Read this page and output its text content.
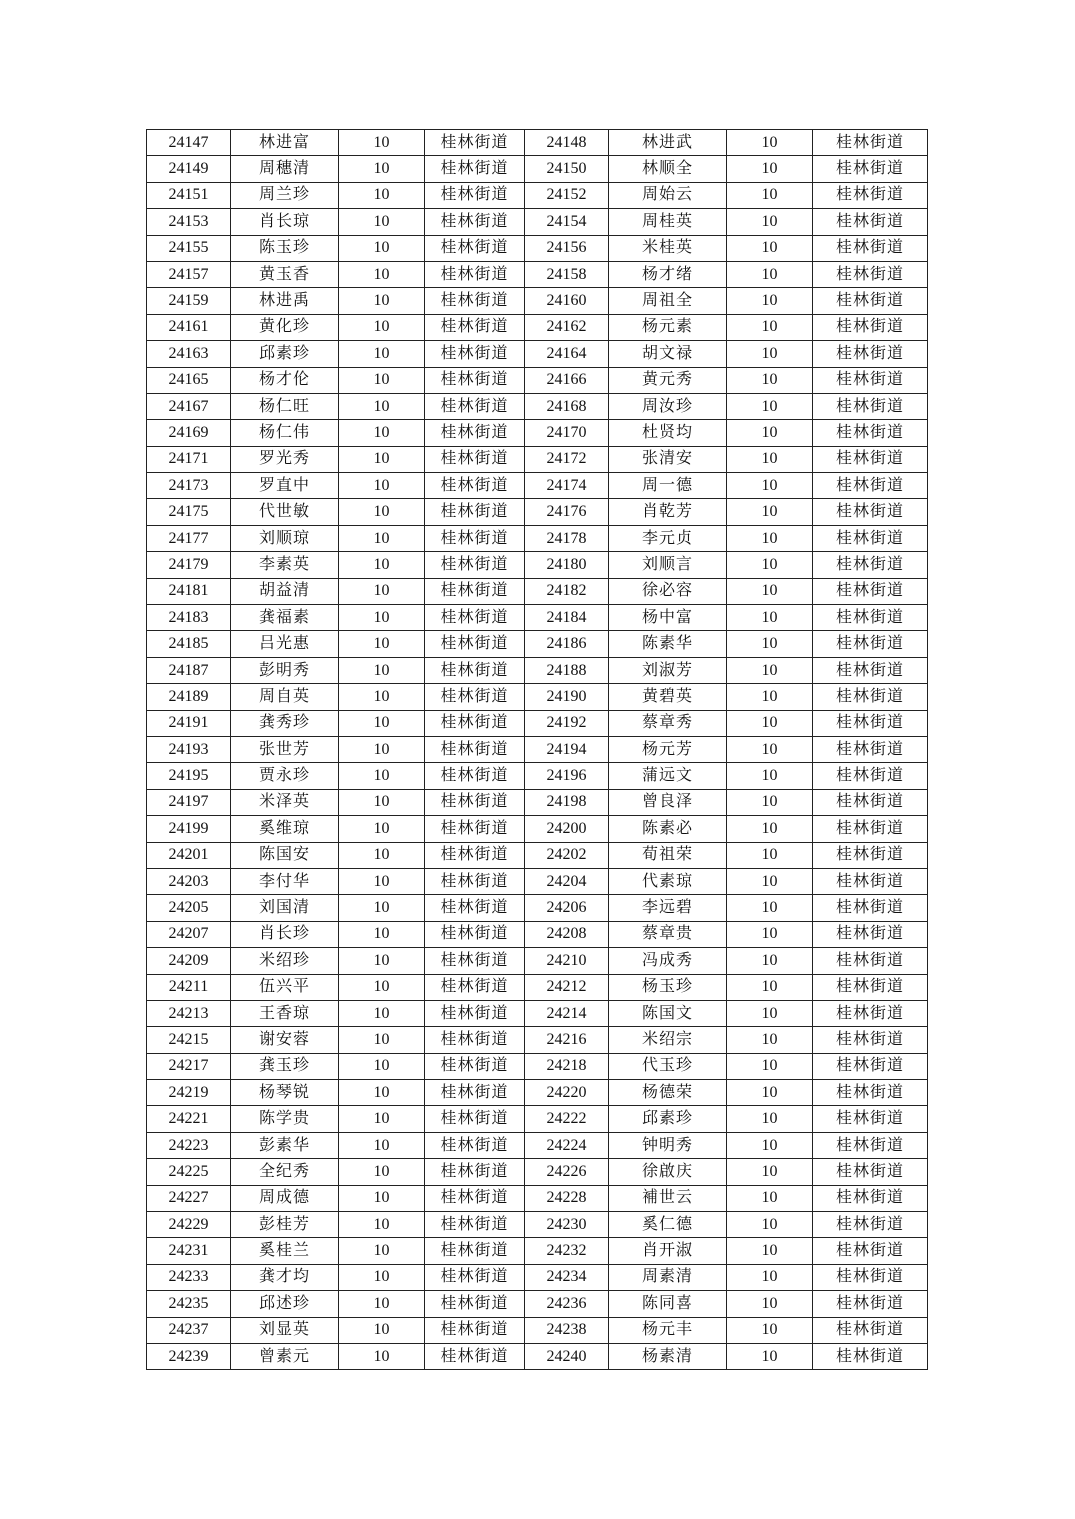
24147	林进富	10	桂林街道	24148	林进武	10	桂林街道
24149	周穗清	10	桂林街道	24150	林顺全	10	桂林街道
24151	周兰珍	10	桂林街道	24152	周始云	10	桂林街道
24153	肖长琼	10	桂林街道	24154	周桂英	10	桂林街道
24155	陈玉珍	10	桂林街道	24156	米桂英	10	桂林街道
24157	黄玉香	10	桂林街道	24158	杨才绪	10	桂林街道
24159	林进禹	10	桂林街道	24160	周祖全	10	桂林街道
24161	黄化珍	10	桂林街道	24162	杨元素	10	桂林街道
24163	邱素珍	10	桂林街道	24164	胡文禄	10	桂林街道
24165	杨才伦	10	桂林街道	24166	黄元秀	10	桂林街道
24167	杨仁旺	10	桂林街道	24168	周汝珍	10	桂林街道
24169	杨仁伟	10	桂林街道	24170	杜贤均	10	桂林街道
24171	罗光秀	10	桂林街道	24172	张清安	10	桂林街道
24173	罗直中	10	桂林街道	24174	周一德	10	桂林街道
24175	代世敏	10	桂林街道	24176	肖乾芳	10	桂林街道
24177	刘顺琼	10	桂林街道	24178	李元贞	10	桂林街道
24179	李素英	10	桂林街道	24180	刘顺言	10	桂林街道
24181	胡益清	10	桂林街道	24182	徐必容	10	桂林街道
24183	龚福素	10	桂林街道	24184	杨中富	10	桂林街道
24185	吕光惠	10	桂林街道	24186	陈素华	10	桂林街道
24187	彭明秀	10	桂林街道	24188	刘淑芳	10	桂林街道
24189	周自英	10	桂林街道	24190	黄碧英	10	桂林街道
24191	龚秀珍	10	桂林街道	24192	蔡章秀	10	桂林街道
24193	张世芳	10	桂林街道	24194	杨元芳	10	桂林街道
24195	贾永珍	10	桂林街道	24196	蒲远文	10	桂林街道
24197	米泽英	10	桂林街道	24198	曾良泽	10	桂林街道
24199	奚维琼	10	桂林街道	24200	陈素必	10	桂林街道
24201	陈国安	10	桂林街道	24202	荀祖荣	10	桂林街道
24203	李付华	10	桂林街道	24204	代素琼	10	桂林街道
24205	刘国清	10	桂林街道	24206	李远碧	10	桂林街道
24207	肖长珍	10	桂林街道	24208	蔡章贵	10	桂林街道
24209	米绍珍	10	桂林街道	24210	冯成秀	10	桂林街道
24211	伍兴平	10	桂林街道	24212	杨玉珍	10	桂林街道
24213	王香琼	10	桂林街道	24214	陈国文	10	桂林街道
24215	谢安蓉	10	桂林街道	24216	米绍宗	10	桂林街道
24217	龚玉珍	10	桂林街道	24218	代玉珍	10	桂林街道
24219	杨琴锐	10	桂林街道	24220	杨德荣	10	桂林街道
24221	陈学贵	10	桂林街道	24222	邱素珍	10	桂林街道
24223	彭素华	10	桂林街道	24224	钟明秀	10	桂林街道
24225	全纪秀	10	桂林街道	24226	徐啟庆	10	桂林街道
24227	周成德	10	桂林街道	24228	補世云	10	桂林街道
24229	彭桂芳	10	桂林街道	24230	奚仁德	10	桂林街道
24231	奚桂兰	10	桂林街道	24232	肖开淑	10	桂林街道
24233	龚才均	10	桂林街道	24234	周素清	10	桂林街道
24235	邱述珍	10	桂林街道	24236	陈同喜	10	桂林街道
24237	刘显英	10	桂林街道	24238	杨元丰	10	桂林街道
24239	曾素元	10	桂林街道	24240	杨素清	10	桂林街道
